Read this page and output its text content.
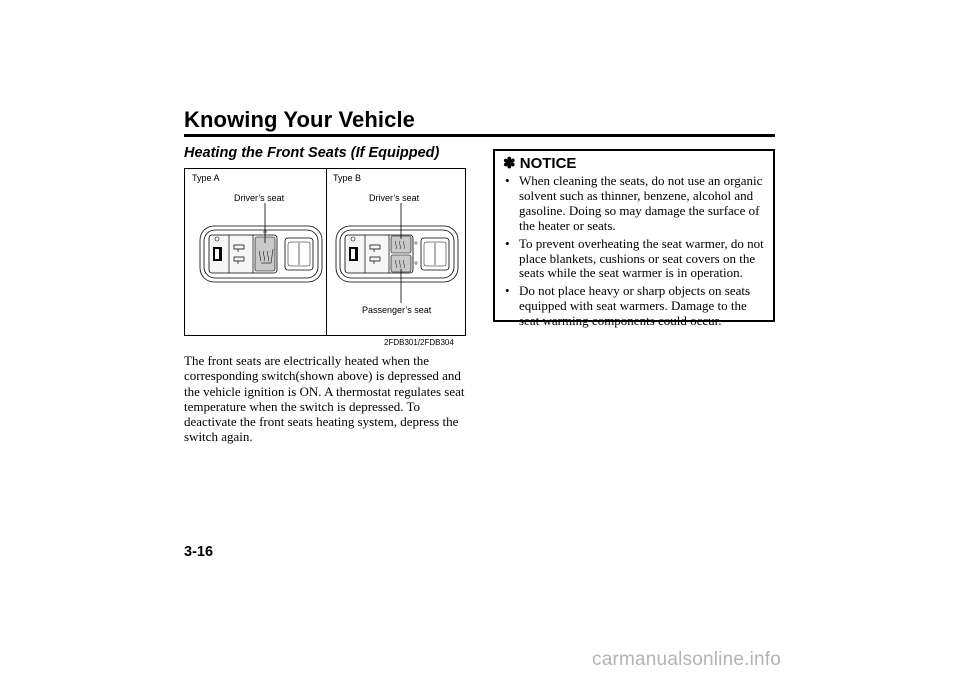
Knowing Your Vehicle
Heating the Front Seats (If Equipped)
Type A	Type B
Driver’s seat	Driver’s seat
Passenger’s seat
2FDB301/2FDB304
The front seats are electrically heated when the corresponding switch(shown above) is depressed and the vehicle ignition is ON. A thermostat regulates seat temperature when the switch is depressed. To deactivate the front seats heating system, depress the switch again.
✽ NOTICE
• When cleaning the seats, do not use an organic solvent such as thinner, benzene, alcohol and gasoline. Doing so may damage the surface of the heater or seats.
• To prevent overheating the seat warmer, do not place blankets, cushions or seat covers on the seats while the seat warmer is in operation.
• Do not place heavy or sharp objects on seats equipped with seat warmers. Damage to the seat warming components could occur.
3-16
carmanualsonline.info
